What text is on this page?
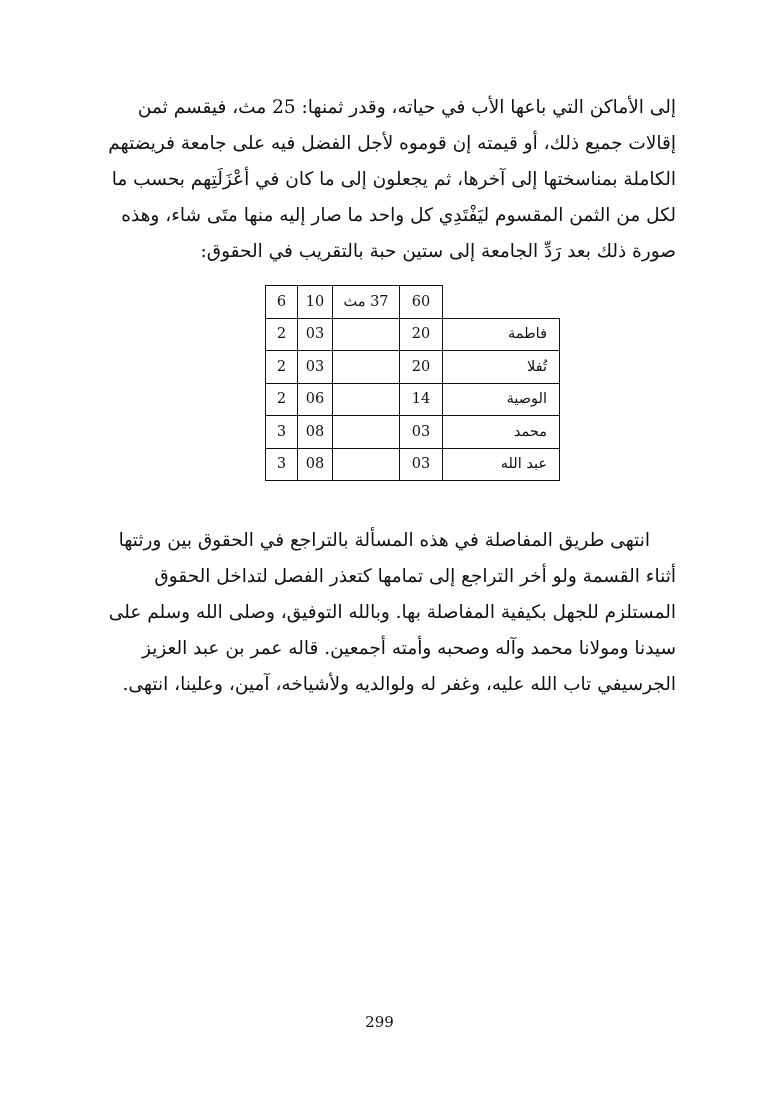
إلى الأماكن التي باعها الأب في حياته، وقدر ثمنها: 25 مث، فيقسم ثمن
إقالات جميع ذلك، أو قيمته إن قوموه لأجل الفضل فيه على جامعة فريضتهم
الكاملة بمناسختها إلى آخرها، ثم يجعلون إلى ما كان في أعْزَلَتِهم بحسب ما
لكل من الثمن المقسوم ليَفْتَدِي كل واحد ما صار إليه منها متَى شاء، وهذه
صورة ذلك بعد رَدِّ الجامعة إلى ستين حبة بالتقريب في الحقوق:

	60	37 مث	10	6
فاطمة	20		03	2
تُفلا	20		03	2
الوصية	14		06	2
محمد	03		08	3
عبد الله	03		08	3

انتهى طريق المفاصلة في هذه المسألة بالتراجع في الحقوق بين ورثتها
أثناء القسمة ولو أخر التراجع إلى تمامها كتعذر الفصل لتداخل الحقوق
المستلزم للجهل بكيفية المفاصلة بها. وبالله التوفيق، وصلى الله وسلم على
سيدنا ومولانا محمد وآله وصحبه وأمته أجمعين. قاله عمر بن عبد العزيز
الجرسيفي تاب الله عليه، وغفر له ولوالديه ولأشياخه، آمين، وعلينا، انتهى.

299
